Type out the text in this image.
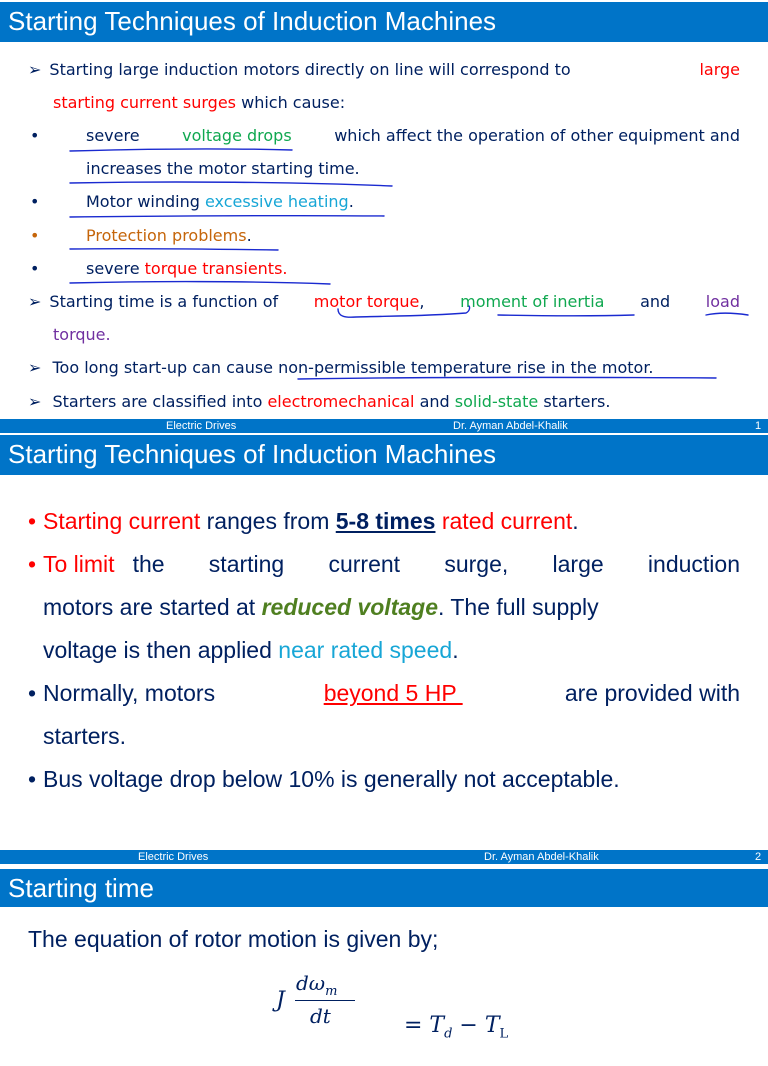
Starting Techniques of Induction Machines
➢ Starting large induction motors directly on line will correspond to	large
starting current surges which cause:
•	severe voltage drops which affect the operation of other equipment and
increases the motor starting time.
•	Motor winding excessive heating.
•	Protection problems.
•	severe torque transients.
➢ Starting time is a function of motor torque, moment of inertia and load
torque.
➢ Too long start-up can cause non-permissible temperature rise in the motor.
➢ Starters are classified into electromechanical and solid-state starters.
Electric Drives	Dr. Ayman Abdel-Khalik	1
Starting Techniques of Induction Machines
• Starting current ranges from 5-8 times rated current.
• To limit the starting current surge, large induction
motors are started at reduced voltage. The full supply
voltage is then applied near rated speed.
• Normally, motors	beyond 5 HP	are provided with
starters.
• Bus voltage drop below 10% is generally not acceptable.
Electric Drives	Dr. Ayman Abdel-Khalik	2
Starting time
The equation of rotor motion is given by;
J
$d\omega_m$
dt	= $T_d - T_L$
